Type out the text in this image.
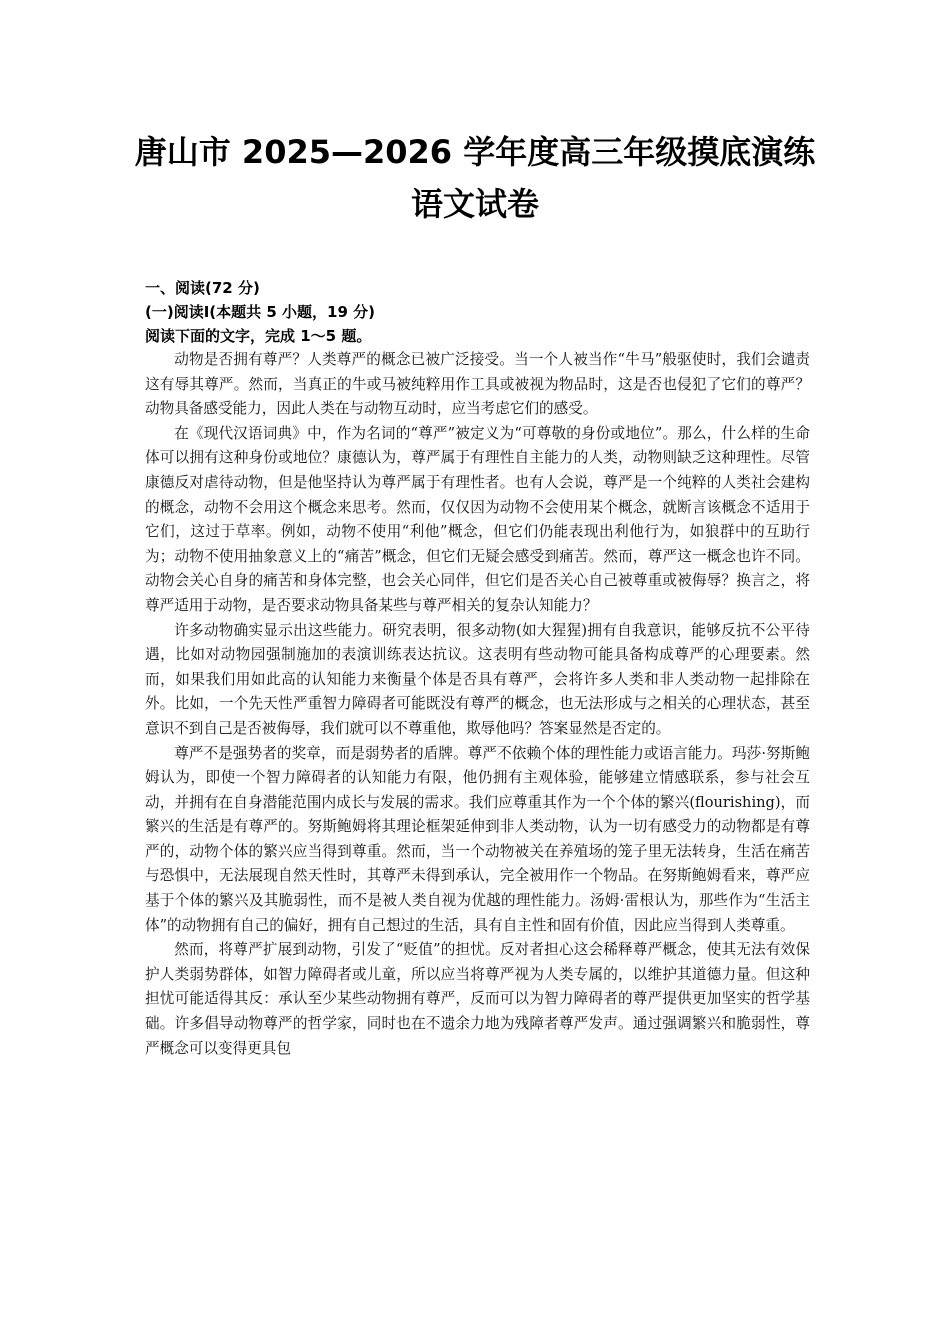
唐山市 2025—2026 学年度高三年级摸底演练
语文试卷
一、阅读(72 分)
(一)阅读Ⅰ(本题共 5 小题，19 分)
阅读下面的文字，完成 1～5 题。

动物是否拥有尊严？人类尊严的概念已被广泛接受。当一个人被当作“牛马”般驱使时，我们会谴责这有辱其尊严。然而，当真正的牛或马被纯粹用作工具或被视为物品时，这是否也侵犯了它们的尊严？动物具备感受能力，因此人类在与动物互动时，应当考虑它们的感受。

在《现代汉语词典》中，作为名词的“尊严”被定义为“可尊敬的身份或地位”。那么，什么样的生命体可以拥有这种身份或地位？康德认为，尊严属于有理性自主能力的人类，动物则缺乏这种理性。尽管康德反对虐待动物，但是他坚持认为尊严属于有理性者。也有人会说，尊严是一个纯粹的人类社会建构的概念，动物不会用这个概念来思考。然而，仅仅因为动物不会使用某个概念，就断言该概念不适用于它们，这过于草率。例如，动物不使用“利他”概念，但它们仍能表现出利他行为，如狼群中的互助行为；动物不使用抽象意义上的“痛苦”概念，但它们无疑会感受到痛苦。然而，尊严这一概念也许不同。动物会关心自身的痛苦和身体完整，也会关心同伴，但它们是否关心自己被尊重或被侮辱？换言之，将尊严适用于动物，是否要求动物具备某些与尊严相关的复杂认知能力？

许多动物确实显示出这些能力。研究表明，很多动物(如大猩猩)拥有自我意识，能够反抗不公平待遇，比如对动物园强制施加的表演训练表达抗议。这表明有些动物可能具备构成尊严的心理要素。然而，如果我们用如此高的认知能力来衡量个体是否具有尊严，会将许多人类和非人类动物一起排除在外。比如，一个先天性严重智力障碍者可能既没有尊严的概念，也无法形成与之相关的心理状态，甚至意识不到自己是否被侮辱，我们就可以不尊重他，欺辱他吗？答案显然是否定的。

尊严不是强势者的奖章，而是弱势者的盾牌。尊严不依赖个体的理性能力或语言能力。玛莎·努斯鲍姆认为，即使一个智力障碍者的认知能力有限，他仍拥有主观体验，能够建立情感联系，参与社会互动，并拥有在自身潜能范围内成长与发展的需求。我们应尊重其作为一个个体的繁兴(flourishing)，而繁兴的生活是有尊严的。努斯鲍姆将其理论框架延伸到非人类动物，认为一切有感受力的动物都是有尊严的，动物个体的繁兴应当得到尊重。然而，当一个动物被关在养殖场的笼子里无法转身，生活在痛苦与恐惧中，无法展现自然天性时，其尊严未得到承认，完全被用作一个物品。在努斯鲍姆看来，尊严应基于个体的繁兴及其脆弱性，而不是被人类自视为优越的理性能力。汤姆·雷根认为，那些作为“生活主体”的动物拥有自己的偏好，拥有自己想过的生活，具有自主性和固有价值，因此应当得到人类尊重。

然而，将尊严扩展到动物，引发了“贬值”的担忧。反对者担心这会稀释尊严概念，使其无法有效保护人类弱势群体，如智力障碍者或儿童，所以应当将尊严视为人类专属的，以维护其道德力量。但这种担忧可能适得其反：承认至少某些动物拥有尊严，反而可以为智力障碍者的尊严提供更加坚实的哲学基础。许多倡导动物尊严的哲学家，同时也在不遗余力地为残障者尊严发声。通过强调繁兴和脆弱性，尊严概念可以变得更具包
